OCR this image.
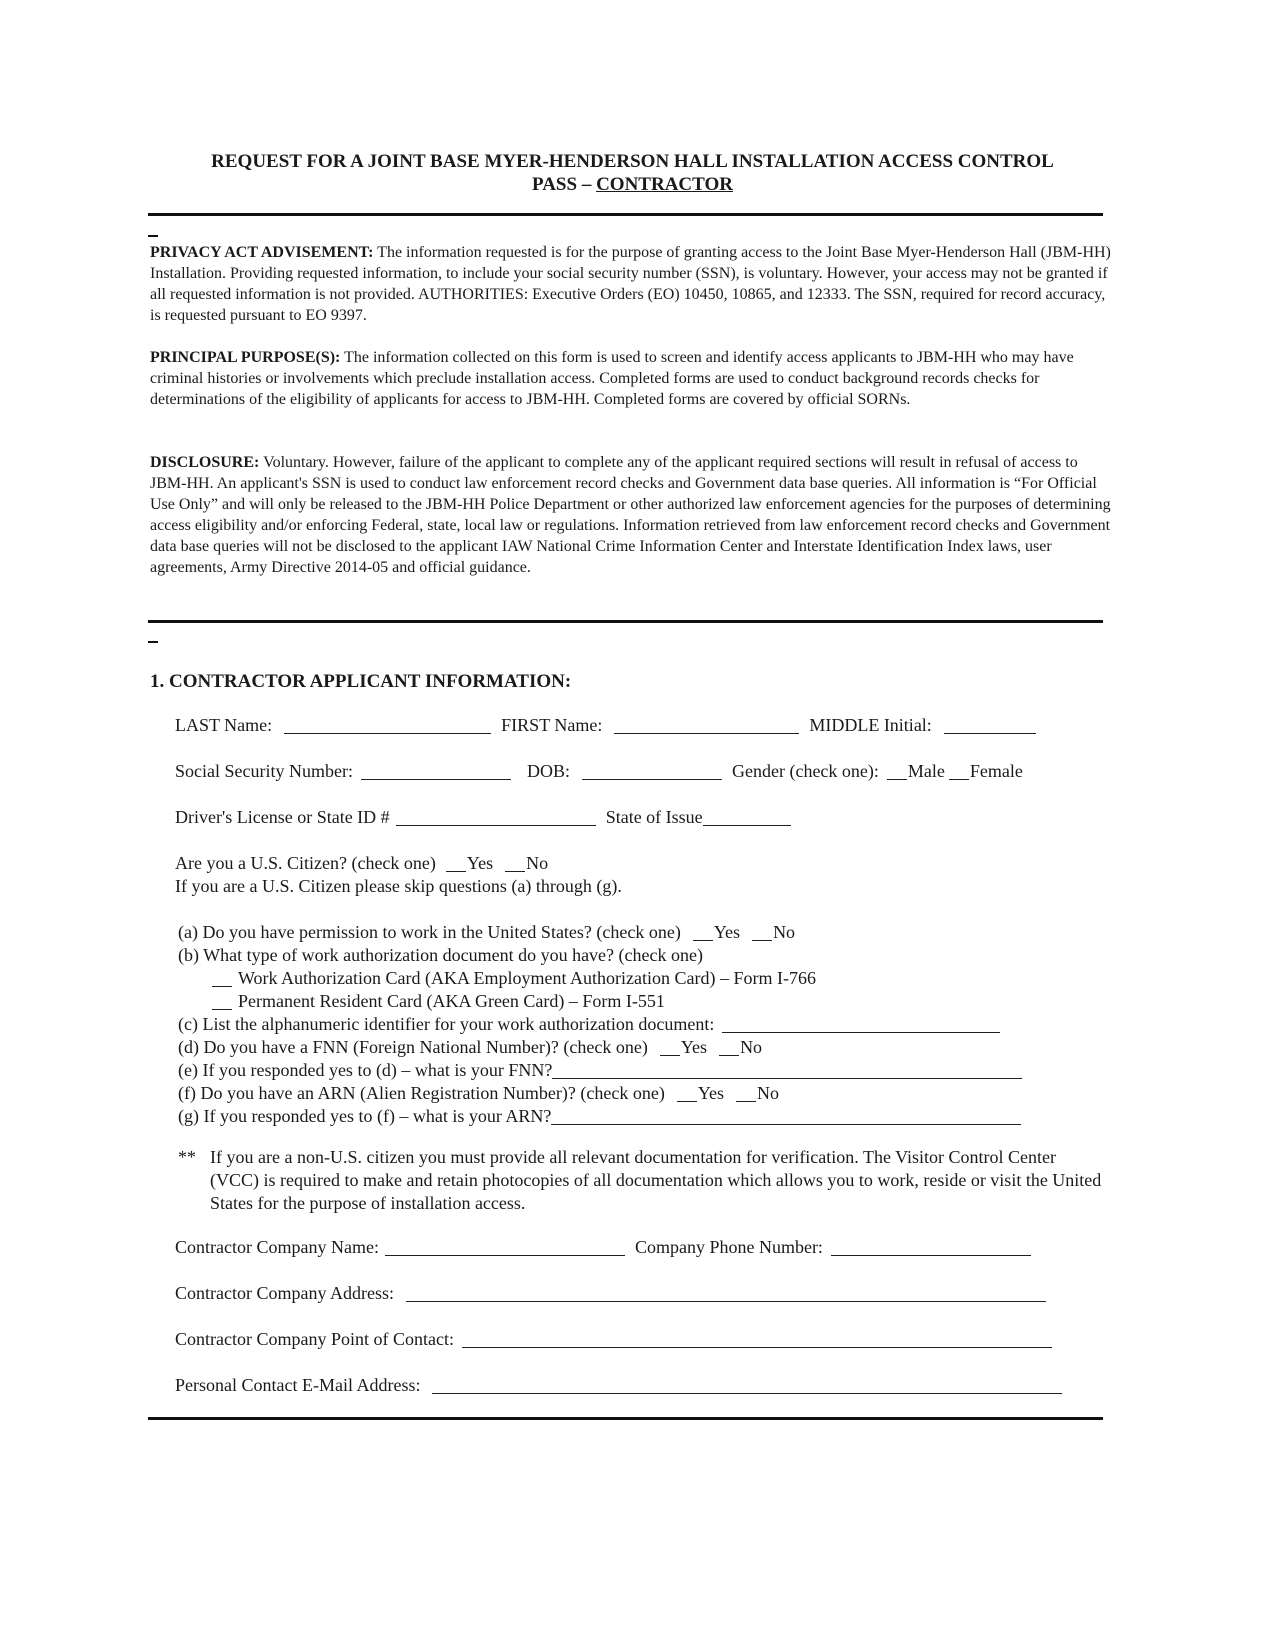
REQUEST FOR A JOINT BASE MYER-HENDERSON HALL INSTALLATION ACCESS CONTROL
PASS – CONTRACTOR
PRIVACY ACT ADVISEMENT: The information requested is for the purpose of granting access to the Joint Base Myer-Henderson Hall (JBM-HH) Installation. Providing requested information, to include your social security number (SSN), is voluntary. However, your access may not be granted if all requested information is not provided. AUTHORITIES: Executive Orders (EO) 10450, 10865, and 12333. The SSN, required for record accuracy, is requested pursuant to EO 9397.
PRINCIPAL PURPOSE(S): The information collected on this form is used to screen and identify access applicants to JBM-HH who may have criminal histories or involvements which preclude installation access. Completed forms are used to conduct background records checks for determinations of the eligibility of applicants for access to JBM-HH. Completed forms are covered by official SORNs.
DISCLOSURE: Voluntary. However, failure of the applicant to complete any of the applicant required sections will result in refusal of access to JBM-HH. An applicant's SSN is used to conduct law enforcement record checks and Government data base queries. All information is “For Official Use Only” and will only be released to the JBM-HH Police Department or other authorized law enforcement agencies for the purposes of determining access eligibility and/or enforcing Federal, state, local law or regulations. Information retrieved from law enforcement record checks and Government data base queries will not be disclosed to the applicant IAW National Crime Information Center and Interstate Identification Index laws, user agreements, Army Directive 2014-05 and official guidance.
1. CONTRACTOR APPLICANT INFORMATION:
LAST Name:	FIRST Name:	MIDDLE Initial:
Social Security Number:	DOB:	Gender (check one): Male Female
Driver's License or State ID #	State of Issue
Are you a U.S. Citizen? (check one) Yes No
If you are a U.S. Citizen please skip questions (a) through (g).
(a) Do you have permission to work in the United States? (check one) Yes No
(b) What type of work authorization document do you have? (check one)
Work Authorization Card (AKA Employment Authorization Card) – Form I-766
Permanent Resident Card (AKA Green Card) – Form I-551
(c) List the alphanumeric identifier for your work authorization document:
(d) Do you have a FNN (Foreign National Number)? (check one) Yes No
(e) If you responded yes to (d) – what is your FNN?
(f) Do you have an ARN (Alien Registration Number)? (check one) Yes No
(g) If you responded yes to (f) – what is your ARN?
** If you are a non-U.S. citizen you must provide all relevant documentation for verification. The Visitor Control Center (VCC) is required to make and retain photocopies of all documentation which allows you to work, reside or visit the United States for the purpose of installation access.
Contractor Company Name:	Company Phone Number:
Contractor Company Address:
Contractor Company Point of Contact:
Personal Contact E-Mail Address:
